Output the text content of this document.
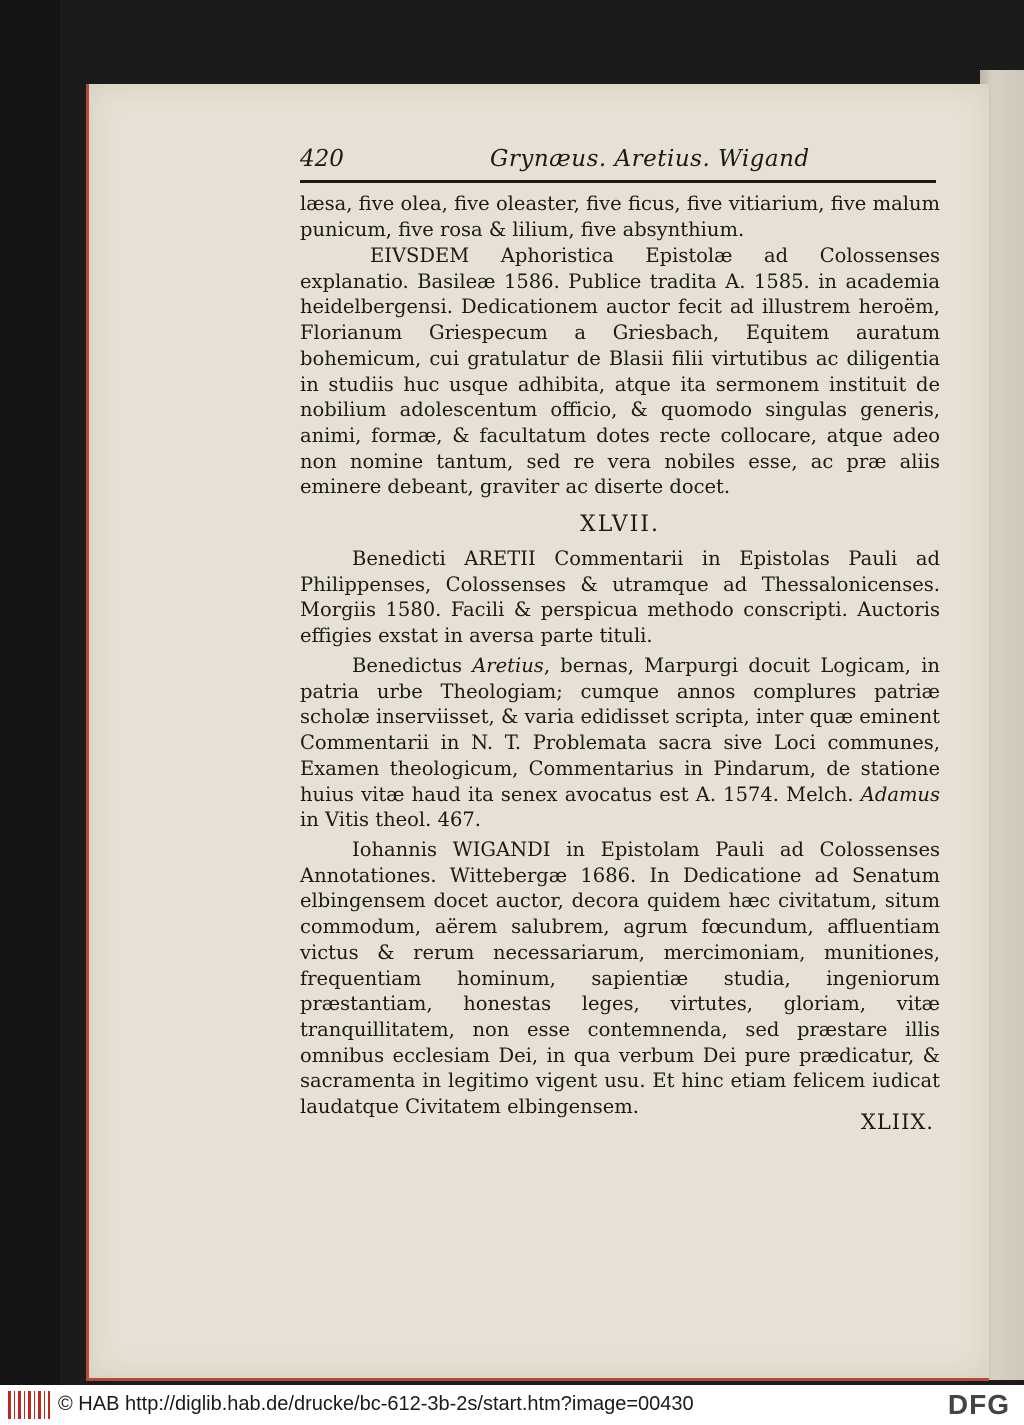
420	Grynæus. Aretius. Wigand
læsa, five olea, five oleaster, five ficus, five vitiarium, five malum punicum, five rosa & lilium, five absynthium.
EIVSDEM Aphoristica Epistolæ ad Colossenses explanatio. Basileæ 1586. Publice tradita A. 1585. in academia heidelbergensi. Dedicationem auctor fecit ad illustrem heroëm, Florianum Griespecum a Griesbach, Equitem auratum bohemicum, cui gratulatur de Blasii filii virtutibus ac diligentia in studiis huc usque adhibita, atque ita sermonem instituit de nobilium adolescentum officio, & quomodo singulas generis, animi, formæ, & facultatum dotes recte collocare, atque adeo non nomine tantum, sed re vera nobiles esse, ac præ aliis eminere debeant, graviter ac diserte docet.
XLVII.
Benedicti ARETII Commentarii in Epistolas Pauli ad Philippenses, Colossenses & utramque ad Thessalonicenses. Morgiis 1580. Facili & perspicua methodo conscripti. Auctoris effigies exstat in aversa parte tituli.
Benedictus Aretius, bernas, Marpurgi docuit Logicam, in patria urbe Theologiam; cumque annos complures patriæ scholæ inserviisset, & varia edidisset scripta, inter quæ eminent Commentarii in N. T. Problemata sacra sive Loci communes, Examen theologicum, Commentarius in Pindarum, de statione huius vitæ haud ita senex avocatus est A. 1574. Melch. Adamus in Vitis theol. 467.
Iohannis WIGANDI in Epistolam Pauli ad Colossenses Annotationes. Wittebergæ 1686. In Dedicatione ad Senatum elbingensem docet auctor, decora quidem hæc civitatum, situm commodum, aërem salubrem, agrum fœcundum, affluentiam victus & rerum necessariarum, mercimoniam, munitiones, frequentiam hominum, sapientiæ studia, ingeniorum præstantiam, honestas leges, virtutes, gloriam, vitæ tranquillitatem, non esse contemnenda, sed præstare illis omnibus ecclesiam Dei, in qua verbum Dei pure prædicatur, & sacramenta in legitimo vigent usu. Et hinc etiam felicem iudicat laudatque Civitatem elbingensem.
XLIIX.
© HAB http://diglib.hab.de/drucke/bc-612-3b-2s/start.htm?image=00430	DFG
